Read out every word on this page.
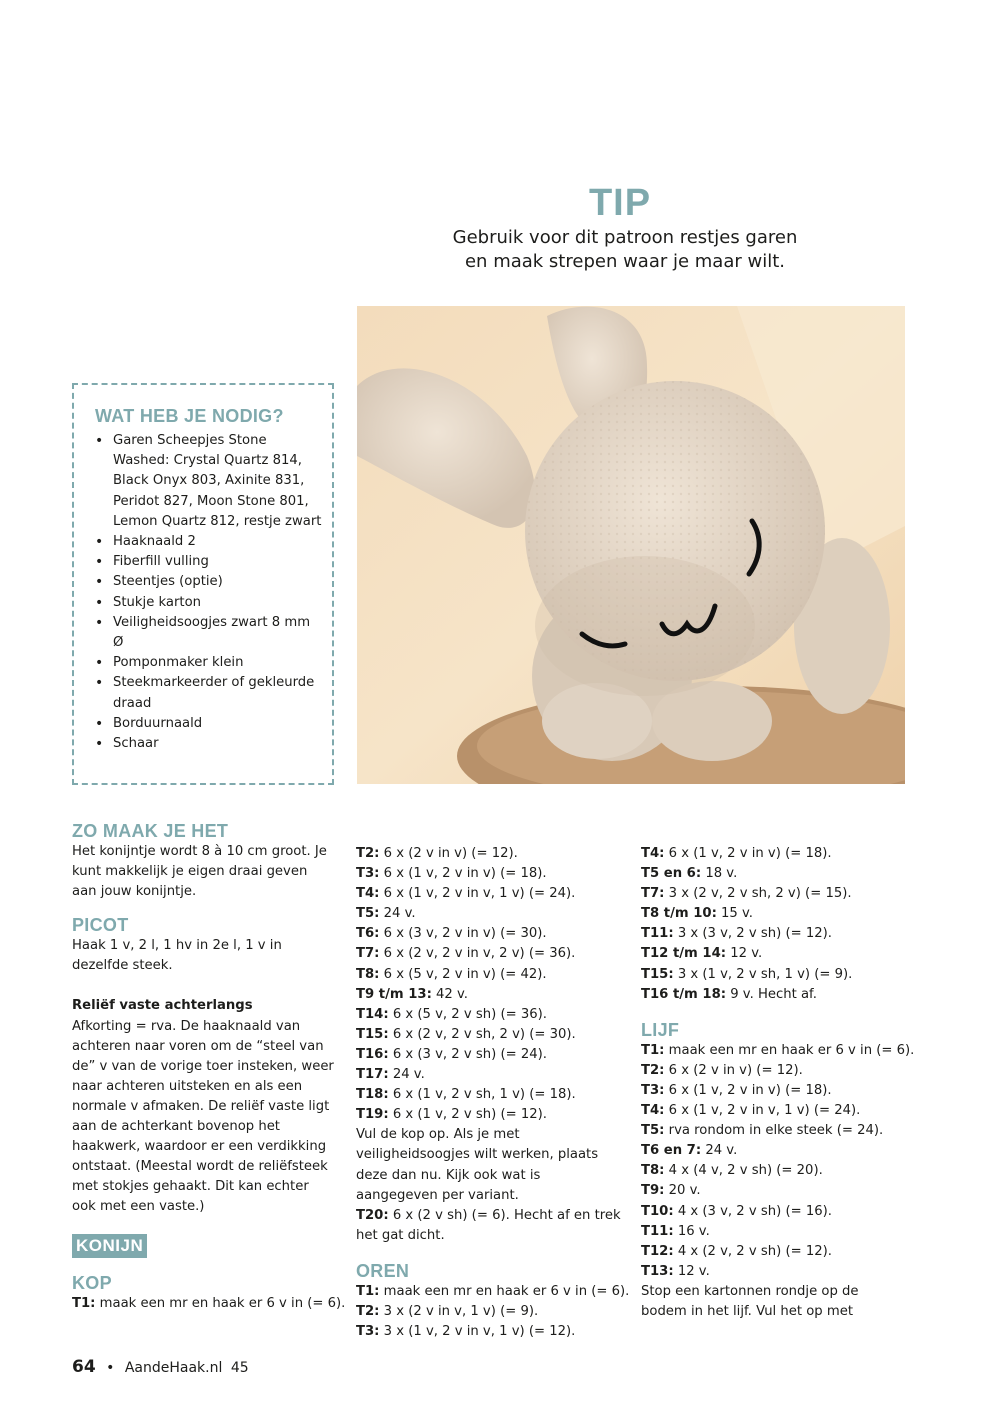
TIP
Gebruik voor dit patroon restjes garen
en maak strepen waar je maar wilt.
WAT HEB JE NODIG?
• Garen Scheepjes Stone Washed: Crystal Quartz 814, Black Onyx 803, Axinite 831, Peridot 827, Moon Stone 801, Lemon Quartz 812, restje zwart
• Haaknaald 2
• Fiberfill vulling
• Steentjes (optie)
• Stukje karton
• Veiligheidsoogjes zwart 8 mm Ø
• Pomponmaker klein
• Steekmarkeerder of gekleurde draad
• Borduurnaald
• Schaar
ZO MAAK JE HET

Het konijntje wordt 8 à 10 cm groot. Je kunt makkelijk je eigen draai geven aan jouw konijntje.

PICOT

Haak 1 v, 2 l, 1 hv in 2e l, 1 v in dezelfde steek.

Reliëf vaste achterlangs

Afkorting = rva. De haaknaald van achteren naar voren om de “steel van de” v van de vorige toer insteken, weer naar achteren uitsteken en als een normale v afmaken. De reliëf vaste ligt aan de achterkant bovenop het haakwerk, waardoor er een verdikking ontstaat. (Meestal wordt de reliëfsteek met stokjes gehaakt. Dit kan echter ook met een vaste.)

KONIJN
KOP

T1: maak een mr en haak er 6 v in (= 6).

T2: 6 x (2 v in v) (= 12).

T3: 6 x (1 v, 2 v in v) (= 18).

T4: 6 x (1 v, 2 v in v, 1 v) (= 24).

T5: 24 v.

T6: 6 x (3 v, 2 v in v) (= 30).

T7: 6 x (2 v, 2 v in v, 2 v) (= 36).

T8: 6 x (5 v, 2 v in v) (= 42).

T9 t/m 13: 42 v.

T14: 6 x (5 v, 2 v sh) (= 36).

T15: 6 x (2 v, 2 v sh, 2 v) (= 30).

T16: 6 x (3 v, 2 v sh) (= 24).

T17: 24 v.

T18: 6 x (1 v, 2 v sh, 1 v) (= 18).

T19: 6 x (1 v, 2 v sh) (= 12).

Vul de kop op. Als je met veiligheidsoogjes wilt werken, plaats deze dan nu. Kijk ook wat is aangegeven per variant.

T20: 6 x (2 v sh) (= 6). Hecht af en trek het gat dicht.

OREN

T1: maak een mr en haak er 6 v in (= 6).

T2: 3 x (2 v in v, 1 v) (= 9).

T3: 3 x (1 v, 2 v in v, 1 v) (= 12).

T4: 6 x (1 v, 2 v in v) (= 18).

T5 en 6: 18 v.

T7: 3 x (2 v, 2 v sh, 2 v) (= 15).

T8 t/m 10: 15 v.

T11: 3 x (3 v, 2 v sh) (= 12).

T12 t/m 14: 12 v.

T15: 3 x (1 v, 2 v sh, 1 v) (= 9).

T16 t/m 18: 9 v. Hecht af.

LIJF

T1: maak een mr en haak er 6 v in (= 6).

T2: 6 x (2 v in v) (= 12).

T3: 6 x (1 v, 2 v in v) (= 18).

T4: 6 x (1 v, 2 v in v, 1 v) (= 24).

T5: rva rondom in elke steek (= 24).

T6 en 7: 24 v.

T8: 4 x (4 v, 2 v sh) (= 20).

T9: 20 v.

T10: 4 x (3 v, 2 v sh) (= 16).

T11: 16 v.

T12: 4 x (2 v, 2 v sh) (= 12).

T13: 12 v.

Stop een kartonnen rondje op de bodem in het lijf. Vul het op met

64 • AandeHaak.nl 45
